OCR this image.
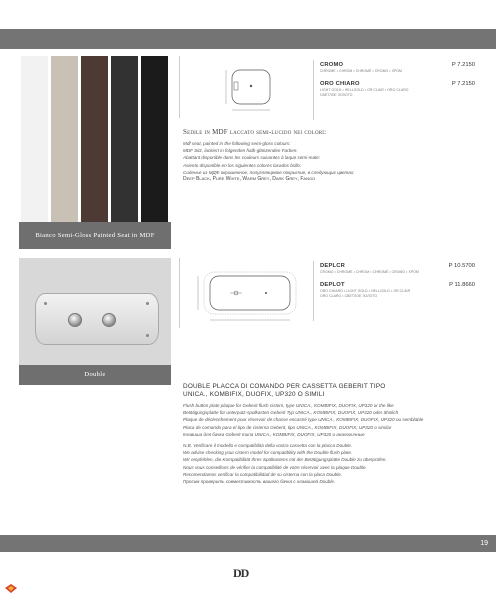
Bianco Semi-Gloss Painted Seat in MDF
Double
CROMO	P 7.2150
CHROME • CHROM • CHROMÉ • CROMO • ХРОМ
ORO CHIARO	P 7.2150
LIGHT GOLD • HELLGOLD • OR CLAIR • ORO CLARO
СВЕТЛОЕ ЗОЛОТО
Sedile in MDF laccato semi-lucido nei colori:
Mdf seat, painted in the following semi-gloss colours:
MDF Sitz, lackiert in folgenden halb-glänzenden Farben:
Abattant disponible dans les couleurs suivantes à laque semi-mate:
Asiento disponible en los siguientes colores lacados brillo:
Сиденье из МДФ окрашенное, полуглянцевое покрытие, в следующих цветах:
Deep Black, Pure White, Warm Grey, Dark Grey, Fango
DEPLCR	P 10.5700
CROMO • CHROME • CHROM • CHROMÉ • CROMO • ХРОМ
DEPLOT	P 11.8660
ORO CHIARO • LIGHT GOLD • HELLGOLD • OR CLAIR
ORO CLARO • СВЕТЛОЕ ЗОЛОТО
DOUBLE PLACCA DI COMANDO PER CASSETTA GEBERIT TIPO
UNICA., KOMBIFIX, DUOFIX, UP320 O SIMILI
Flush button plate plaque for Geberit flush cistern, type UNICA., KOMBIFIX, DUOFIX, UP320 or the like
Betätigungsplatte für unterputz-spülkasten Geberit Typ UNICA., KOMBIFIX, DUOFIX, UP320 oder ähnlich
Plaque de déclenchement pour réservoir de chasse encastré type UNICA., KOMBIFIX, DUOFIX, UP320 ou semblable
Placa de comando para el tipo de cisterna Geberit, tipo UNICA., KOMBIFIX, DUOFIX, UP320 o similar
Клавиша для бачка Geberit типа UNICA., KOMBIFIX, DUOFIX, UP320 и аналогичные
N.B. Verificare il modello e compatibilità della vostra cassetta con la placca Double.
We advise checking your cistern model for compatibility with the Double flush plate.
Wir empfehlen, die Kompatibilität Ihres Spülkastens mit der Betätigungsplatte Double zu überprüfen.
Nous vous conseillons de vérifier la compatibilité de votre réservoir avec la plaque Double.
Recomendamos verificar la compatibilidad de su cisterna con la placa Double.
Просим проверить совместимость вашего бачка с клавишей Double.
19
DD
